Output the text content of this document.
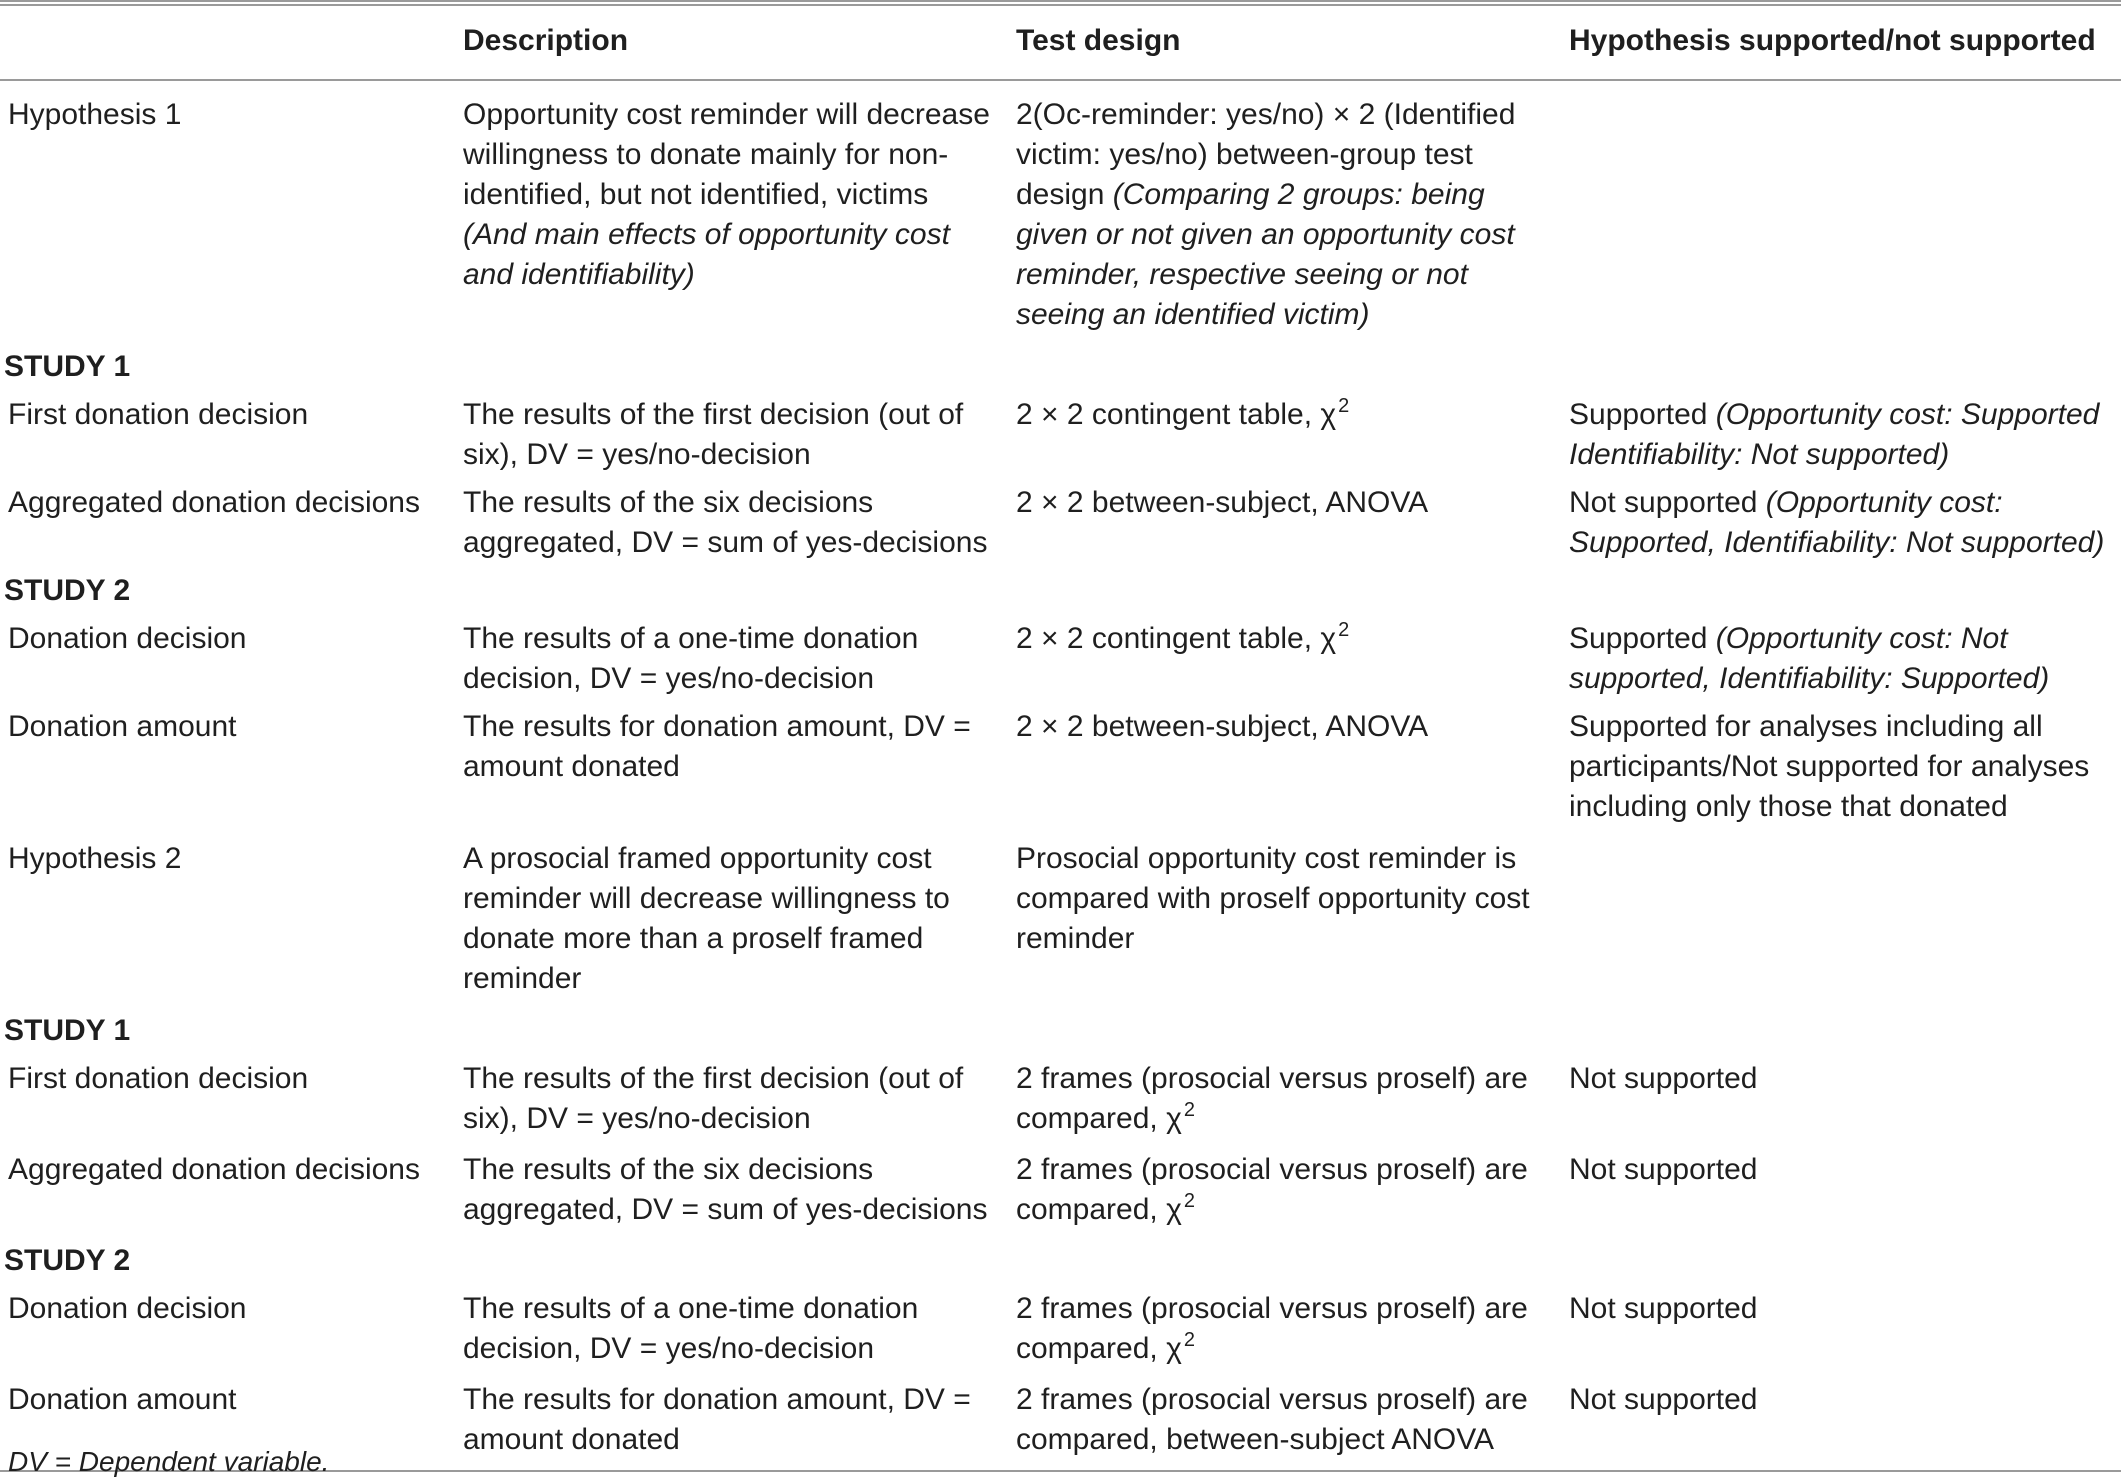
	Description	Test design	Hypothesis supported/not supported
Hypothesis 1	Opportunity cost reminder will decrease willingness to donate mainly for non-identified, but not identified, victims (And main effects of opportunity cost and identifiability)	2(Oc-reminder: yes/no) × 2 (Identified victim: yes/no) between-group test design (Comparing 2 groups: being given or not given an opportunity cost reminder, respective seeing or not seeing an identified victim)	
STUDY 1			
First donation decision	The results of the first decision (out of six), DV = yes/no-decision	2 × 2 contingent table, χ $^2$	Supported (Opportunity cost: Supported Identifiability: Not supported)
Aggregated donation decisions	The results of the six decisions aggregated, DV = sum of yes-decisions	2 × 2 between-subject, ANOVA	Not supported (Opportunity cost: Supported, Identifiability: Not supported)
STUDY 2			
Donation decision	The results of a one-time donation decision, DV = yes/no-decision	2 × 2 contingent table, χ $^2$	Supported (Opportunity cost: Not supported, Identifiability: Supported)
Donation amount	The results for donation amount, DV = amount donated	2 × 2 between-subject, ANOVA	Supported for analyses including all participants/Not supported for analyses including only those that donated
Hypothesis 2	A prosocial framed opportunity cost reminder will decrease willingness to donate more than a proself framed reminder	Prosocial opportunity cost reminder is compared with proself opportunity cost reminder	
STUDY 1			
First donation decision	The results of the first decision (out of six), DV = yes/no-decision	2 frames (prosocial versus proself) are compared, χ $^2$	Not supported
Aggregated donation decisions	The results of the six decisions aggregated, DV = sum of yes-decisions	2 frames (prosocial versus proself) are compared, χ $^2$	Not supported
STUDY 2			
Donation decision	The results of a one-time donation decision, DV = yes/no-decision	2 frames (prosocial versus proself) are compared, χ $^2$	Not supported
Donation amount	The results for donation amount, DV = amount donated	2 frames (prosocial versus proself) are compared, between-subject ANOVA	Not supported
DV = Dependent variable.
